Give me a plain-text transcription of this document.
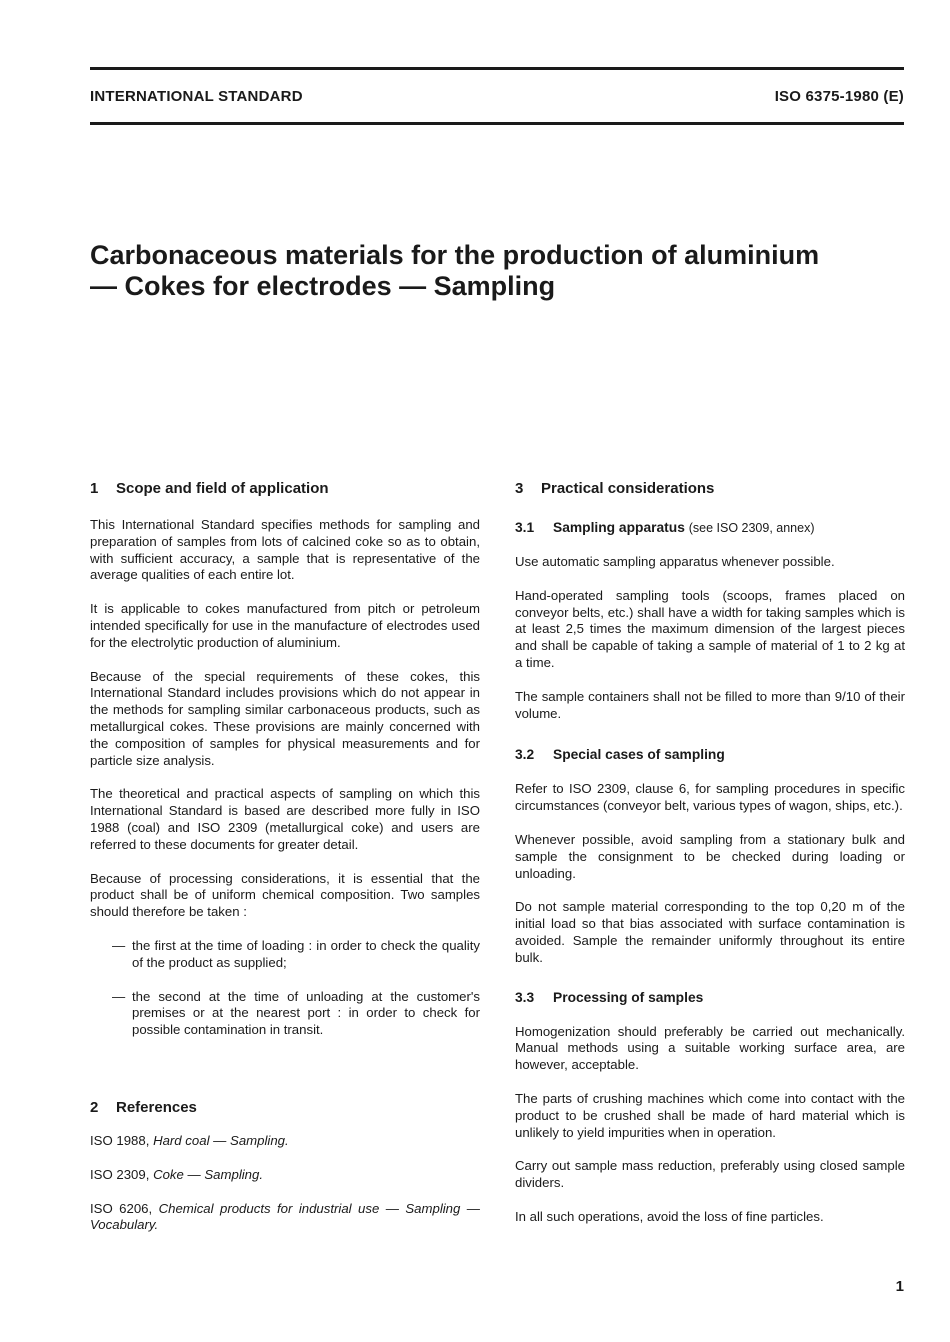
INTERNATIONAL STANDARD	ISO 6375-1980 (E)
Carbonaceous materials for the production of aluminium
— Cokes for electrodes — Sampling
1 Scope and field of application

This International Standard specifies methods for sampling and preparation of samples from lots of calcined coke so as to obtain, with sufficient accuracy, a sample that is representative of the average qualities of each entire lot.

It is applicable to cokes manufactured from pitch or petroleum intended specifically for use in the manufacture of electrodes used for the electrolytic production of aluminium.

Because of the special requirements of these cokes, this International Standard includes provisions which do not appear in the methods for sampling similar carbonaceous products, such as metallurgical cokes. These provisions are mainly concerned with the composition of samples for physical measurements and for particle size analysis.

The theoretical and practical aspects of sampling on which this International Standard is based are described more fully in ISO 1988 (coal) and ISO 2309 (metallurgical coke) and users are referred to these documents for greater detail.

Because of processing considerations, it is essential that the product shall be of uniform chemical composition. Two samples should therefore be taken :

— the first at the time of loading : in order to check the quality of the product as supplied;

— the second at the time of unloading at the customer's premises or at the nearest port : in order to check for possible contamination in transit.

2 References

ISO 1988, Hard coal — Sampling.

ISO 2309, Coke — Sampling.

ISO 6206, Chemical products for industrial use — Sampling — Vocabulary.

3 Practical considerations
3.1 Sampling apparatus (see ISO 2309, annex)

Use automatic sampling apparatus whenever possible.

Hand-operated sampling tools (scoops, frames placed on conveyor belts, etc.) shall have a width for taking samples which is at least 2,5 times the maximum dimension of the largest pieces and shall be capable of taking a sample of material of 1 to 2 kg at a time.

The sample containers shall not be filled to more than 9/10 of their volume.

3.2 Special cases of sampling

Refer to ISO 2309, clause 6, for sampling procedures in specific circumstances (conveyor belt, various types of wagon, ships, etc.).

Whenever possible, avoid sampling from a stationary bulk and sample the consignment to be checked during loading or unloading.

Do not sample material corresponding to the top 0,20 m of the initial load so that bias associated with surface contamination is avoided. Sample the remainder uniformly throughout its entire bulk.

3.3 Processing of samples

Homogenization should preferably be carried out mechanically. Manual methods using a suitable working surface area, are however, acceptable.

The parts of crushing machines which come into contact with the product to be crushed shall be made of hard material which is unlikely to yield impurities when in operation.

Carry out sample mass reduction, preferably using closed sample dividers.

In all such operations, avoid the loss of fine particles.

1
